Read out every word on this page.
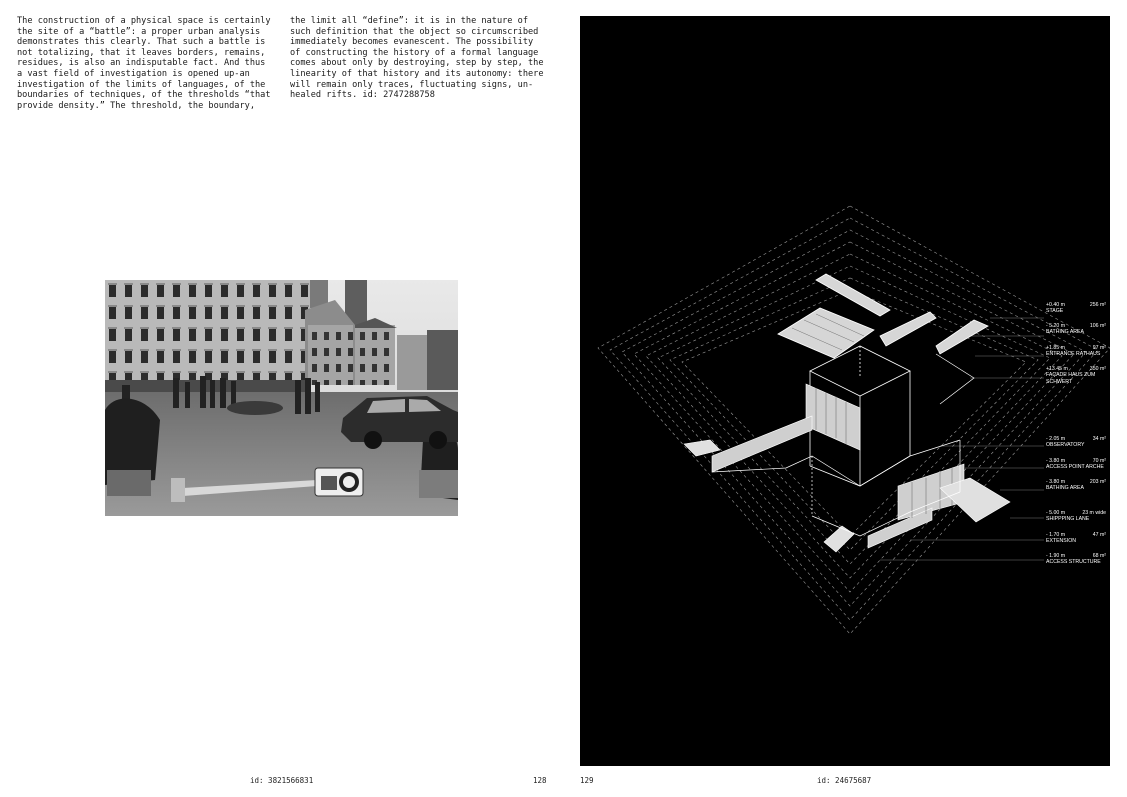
The construction of a physical space is certainly
the site of a “battle”: a proper urban analysis
demonstrates this clearly. That such a battle is
not totalizing, that it leaves borders, remains,
residues, is also an indisputable fact. And thus
a vast field of investigation is opened up-an
investigation of the limits of languages, of the
boundaries of techniques, of the thresholds “that
provide density.” The threshold, the boundary,
the limit all “define”: it is in the nature of
such definition that the object so circumscribed
immediately becomes evanescent. The possibility
of constructing the history of a formal language
comes about only by destroying, step by step, the
linearity of that history and its autonomy: there
will remain only traces, fluctuating signs, un-
healed rifts. id: 2747288758
+0.40 m	256 m²
STAGE
- 5.20 m	106 m²
BATHING AREA
+1.85 m	97 m²
ENTRANCE RATHAUS
+13.45 m	350 m²
FAÇADE HAUS ZUM SCHWERT
- 2.05 m	34 m²
OBSERVATORY
- 3.80 m	70 m²
ACCESS POINT ARCHE
- 3.80 m	203 m²
BATHING AREA
- 5.00 m	23 m wide
SHIPPPING LANE
- 1.70 m	47 m²
EXTENSION
- 1.90 m	68 m²
ACCESS STRUCTURE
id: 3821566831	128	129	id: 24675687
